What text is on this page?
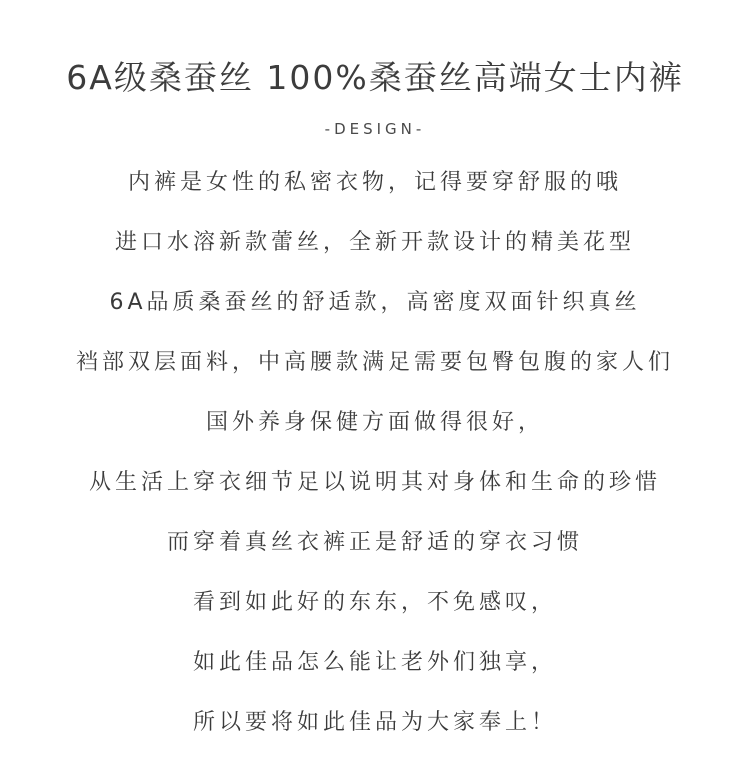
6A级桑蚕丝 100%桑蚕丝高端女士内裤
-DESIGN-
内裤是女性的私密衣物，记得要穿舒服的哦
进口水溶新款蕾丝，全新开款设计的精美花型
6A品质桑蚕丝的舒适款，高密度双面针织真丝
裆部双层面料，中高腰款满足需要包臀包腹的家人们
国外养身保健方面做得很好，
从生活上穿衣细节足以说明其对身体和生命的珍惜
而穿着真丝衣裤正是舒适的穿衣习惯
看到如此好的东东，不免感叹，
如此佳品怎么能让老外们独享，
所以要将如此佳品为大家奉上！
